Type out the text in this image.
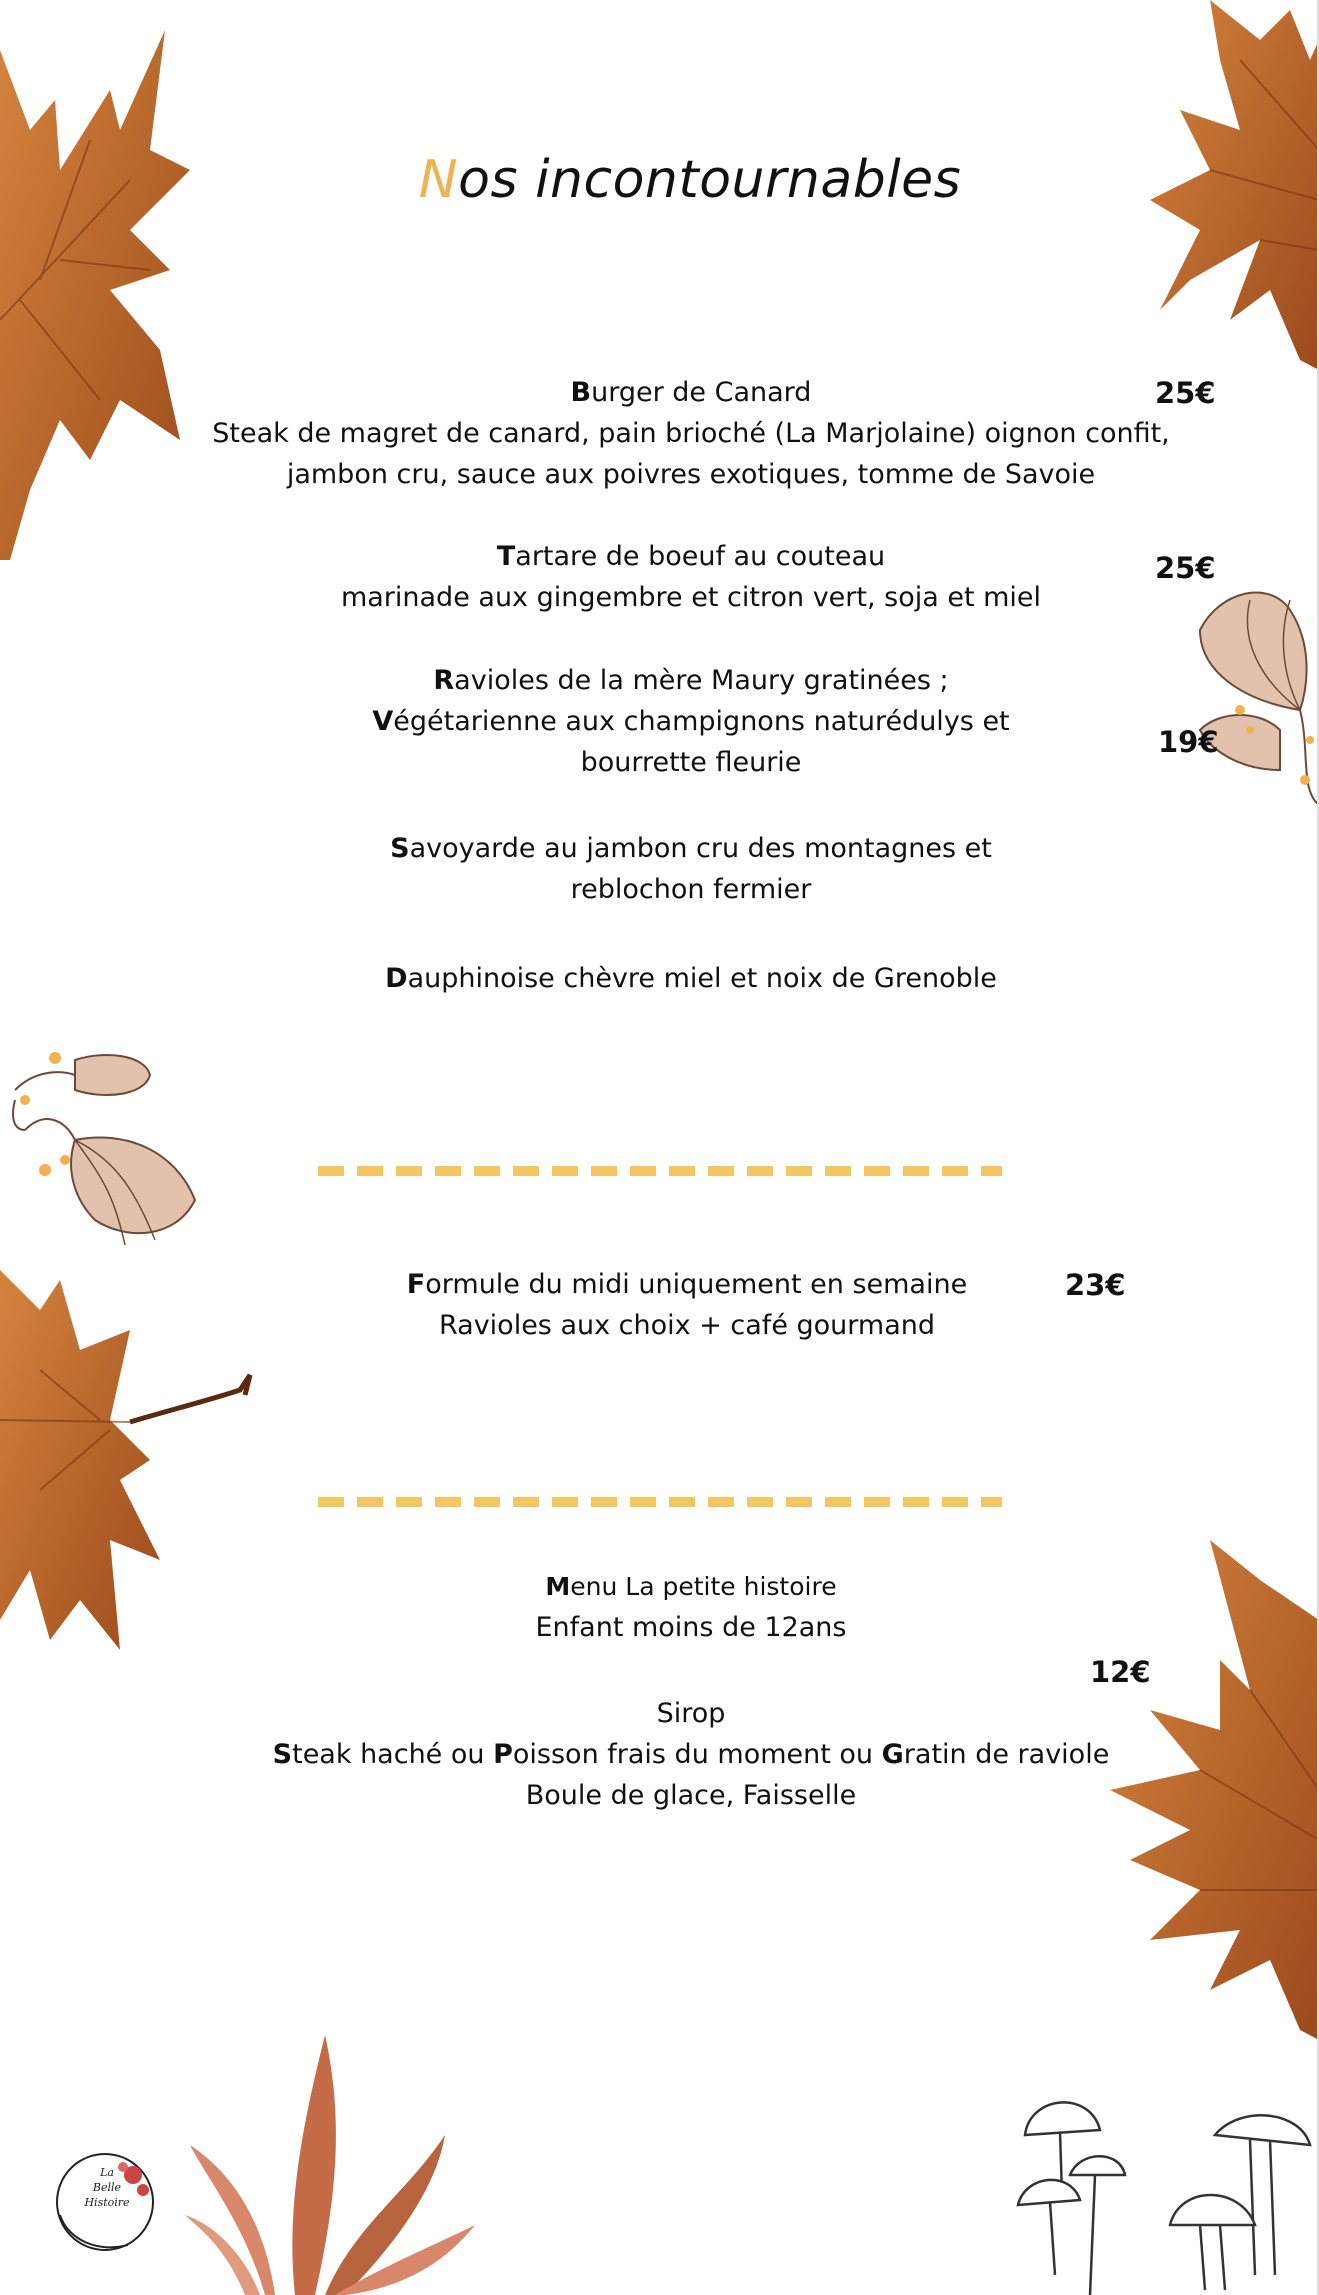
La
Belle
Histoire
Nos incontournables
Burger de Canard
Steak de magret de canard, pain brioché (La Marjolaine) oignon confit,
jambon cru, sauce aux poivres exotiques, tomme de Savoie
25€
Tartare de boeuf au couteau
marinade aux gingembre et citron vert, soja et miel
25€
Ravioles de la mère Maury gratinées ;
Végétarienne aux champignons naturédulys et
bourrette fleurie
19€
Savoyarde au jambon cru des montagnes et
reblochon fermier
Dauphinoise chèvre miel et noix de Grenoble
Formule du midi uniquement en semaine
Ravioles aux choix + café gourmand
23€
Menu La petite histoire
Enfant moins de 12ans
12€
Sirop
Steak haché ou Poisson frais du moment ou Gratin de raviole
Boule de glace, Faisselle
